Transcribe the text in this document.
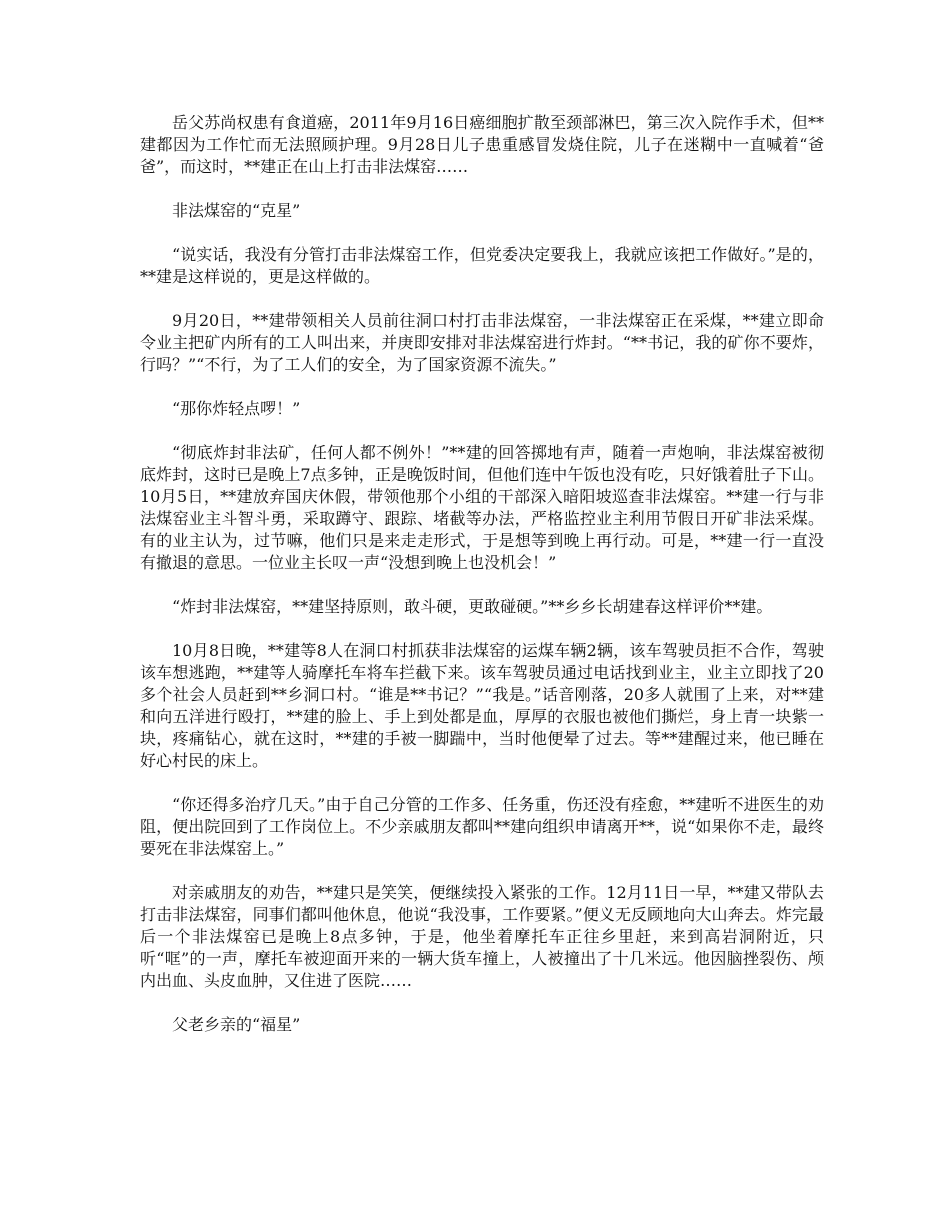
岳父苏尚权患有食道癌，2011年9月16日癌细胞扩散至颈部淋巴，第三次入院作手术，但**建都因为工作忙而无法照顾护理。9月28日儿子患重感冒发烧住院，儿子在迷糊中一直喊着“爸爸”，而这时，**建正在山上打击非法煤窑……

非法煤窑的“克星”

“说实话，我没有分管打击非法煤窑工作，但党委决定要我上，我就应该把工作做好。”是的，**建是这样说的，更是这样做的。

9月20日，**建带领相关人员前往洞口村打击非法煤窑，一非法煤窑正在采煤，**建立即命令业主把矿内所有的工人叫出来，并庚即安排对非法煤窑进行炸封。“**书记，我的矿你不要炸，行吗？”“不行，为了工人们的安全，为了国家资源不流失。”

“那你炸轻点啰！”

“彻底炸封非法矿，任何人都不例外！”**建的回答掷地有声，随着一声炮响，非法煤窑被彻底炸封，这时已是晚上7点多钟，正是晚饭时间，但他们连中午饭也没有吃，只好饿着肚子下山。10月5日，**建放弃国庆休假，带领他那个小组的干部深入暗阳坡巡查非法煤窑。**建一行与非法煤窑业主斗智斗勇，采取蹲守、跟踪、堵截等办法，严格监控业主利用节假日开矿非法采煤。有的业主认为，过节嘛，他们只是来走走形式，于是想等到晚上再行动。可是，**建一行一直没有撤退的意思。一位业主长叹一声“没想到晚上也没机会！”

“炸封非法煤窑，**建坚持原则，敢斗硬，更敢碰硬。”**乡乡长胡建春这样评价**建。

10月8日晚，**建等8人在洞口村抓获非法煤窑的运煤车辆2辆，该车驾驶员拒不合作，驾驶该车想逃跑，**建等人骑摩托车将车拦截下来。该车驾驶员通过电话找到业主，业主立即找了20多个社会人员赶到**乡洞口村。“谁是**书记？”“我是。”话音刚落，20多人就围了上来，对**建和向五洋进行殴打，**建的脸上、手上到处都是血，厚厚的衣服也被他们撕烂，身上青一块紫一块，疼痛钻心，就在这时，**建的手被一脚踹中，当时他便晕了过去。等**建醒过来，他已睡在好心村民的床上。

“你还得多治疗几天。”由于自己分管的工作多、任务重，伤还没有痊愈，**建听不进医生的劝阻，便出院回到了工作岗位上。不少亲戚朋友都叫**建向组织申请离开**，说“如果你不走，最终要死在非法煤窑上。”

对亲戚朋友的劝告，**建只是笑笑，便继续投入紧张的工作。12月11日一早，**建又带队去打击非法煤窑，同事们都叫他休息，他说“我没事，工作要紧。”便义无反顾地向大山奔去。炸完最后一个非法煤窑已是晚上8点多钟，于是，他坐着摩托车正往乡里赶，来到高岩洞附近，只听“哐”的一声，摩托车被迎面开来的一辆大货车撞上，人被撞出了十几米远。他因脑挫裂伤、颅内出血、头皮血肿，又住进了医院……

父老乡亲的“福星”
